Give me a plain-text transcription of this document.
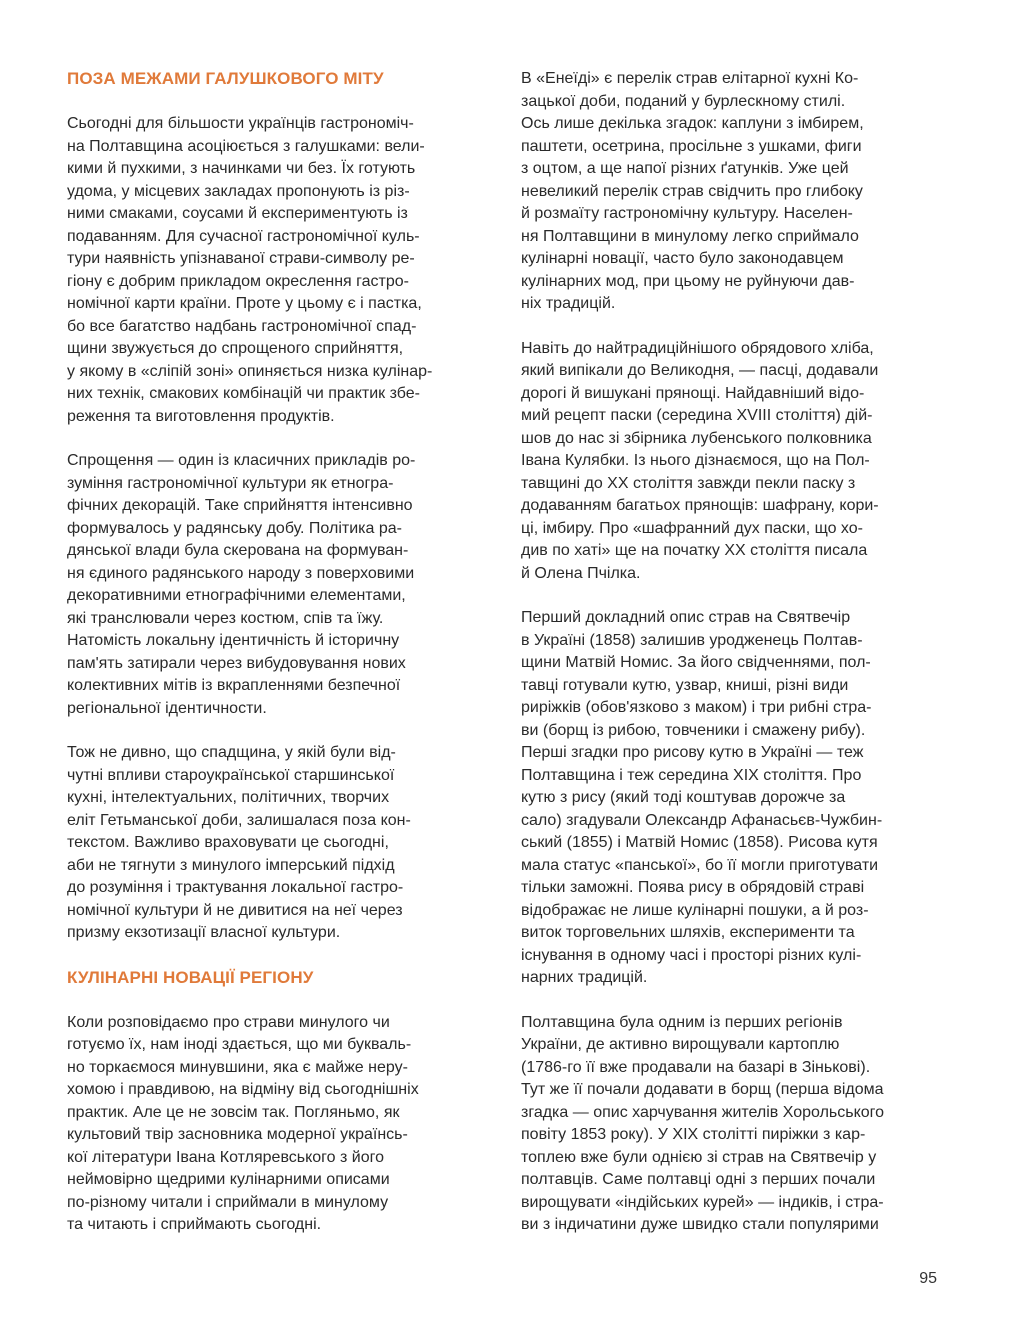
ПОЗА МЕЖАМИ ГАЛУШКОВОГО МІТУ

Сьогодні для більшости українців гастрономіч-
на Полтавщина асоціюється з галушками: вели-
кими й пухкими, з начинками чи без. Їх готують
удома, у місцевих закладах пропонують із різ-
ними смаками, соусами й експериментують із
подаванням. Для сучасної гастрономічної куль-
тури наявність упізнаваної страви-символу ре-
гіону є добрим прикладом окреслення гастро-
номічної карти країни. Проте у цьому є і пастка,
бо все багатство надбань гастрономічної спад-
щини звужується до спрощеного сприйняття,
у якому в «сліпій зоні» опиняється низка кулінар-
них технік, смакових комбінацій чи практик збе-
реження та виготовлення продуктів.

Спрощення — один із класичних прикладів ро-
зуміння гастрономічної культури як етногра-
фічних декорацій. Таке сприйняття інтенсивно
формувалось у радянську добу. Політика ра-
дянської влади була скерована на формуван-
ня єдиного радянського народу з поверховими
декоративними етнографічними елементами,
які транслювали через костюм, спів та їжу.
Натомість локальну ідентичність й історичну
пам'ять затирали через вибудовування нових
колективних мітів із вкрапленнями безпечної
регіональної ідентичности.

Тож не дивно, що спадщина, у якій були від-
чутні впливи староукраїнської старшинської
кухні, інтелектуальних, політичних, творчих
еліт Гетьманської доби, залишалася поза кон-
текстом. Важливо враховувати це сьогодні,
аби не тягнути з минулого імперський підхід
до розуміння і трактування локальної гастро-
номічної культури й не дивитися на неї через
призму екзотизації власної культури.

КУЛІНАРНІ НОВАЦІЇ РЕГІОНУ

Коли розповідаємо про страви минулого чи
готуємо їх, нам іноді здається, що ми букваль-
но торкаємося минувшини, яка є майже неру-
хомою і правдивою, на відміну від сьогоднішніх
практик. Але це не зовсім так. Погляньмо, як
культовий твір засновника модерної українсь-
кої літератури Івана Котляревського з його
неймовірно щедрими кулінарними описами
по-різному читали і сприймали в минулому
та читають і сприймають сьогодні.

В «Енеїді» є перелік страв елітарної кухні Ко-
зацької доби, поданий у бурлескному стилі.
Ось лише декілька згадок: каплуни з імбирем,
паштети, осетрина, просільне з ушками, фиги
з оцтом, а ще напої різних ґатунків. Уже цей
невеликий перелік страв свідчить про глибоку
й розмаїту гастрономічну культуру. Населен-
ня Полтавщини в минулому легко сприймало
кулінарні новації, часто було законодавцем
кулінарних мод, при цьому не руйнуючи дав-
ніх традицій.

Навіть до найтрадиційнішого обрядового хліба,
який випікали до Великодня, — пасці, додавали
дорогі й вишукані прянощі. Найдавніший відо-
мий рецепт паски (середина XVIII століття) дій-
шов до нас зі збірника лубенського полковника
Івана Кулябки. Із нього дізнаємося, що на Пол-
тавщині до XX століття завжди пекли паску з
додаванням багатьох прянощів: шафрану, кори-
ці, імбиру. Про «шафранний дух паски, що хо-
див по хаті» ще на початку XX століття писала
й Олена Пчілка.

Перший докладний опис страв на Святвечір
в Україні (1858) залишив уродженець Полтав-
щини Матвій Номис. За його свідченнями, пол-
тавці готували кутю, узвар, книші, різні види
pиріжків (обов'язково з маком) і три рибні стра-
ви (борщ із рибою, товченики і смажену рибу).
Перші згадки про рисову кутю в Україні — теж
Полтавщина і теж середина XIX століття. Про
кутю з рису (який тоді коштував дорожче за
сало) згадували Олександр Афанасьєв-Чужбин-
ський (1855) і Матвій Номис (1858). Рисова кутя
мала статус «панської», бо її могли приготувати
тільки заможні. Поява рису в обрядовій страві
відображає не лише кулінарні пошуки, а й роз-
виток торговельних шляхів, експерименти та
існування в одному часі і просторі різних кулі-
нарних традицій.

Полтавщина була одним із перших регіонів
України, де активно вирощували картоплю
(1786-го її вже продавали на базарі в Зінькові).
Тут же її почали додавати в борщ (перша відома
згадка — опис харчування жителів Хорольського
повіту 1853 року). У XIX столітті пиріжки з кар-
топлею вже були однією зі страв на Святвечір у
полтавців. Саме полтавці одні з перших почали
вирощувати «індійських курей» — індиків, і стра-
ви з індичатини дуже швидко стали популярими

95
